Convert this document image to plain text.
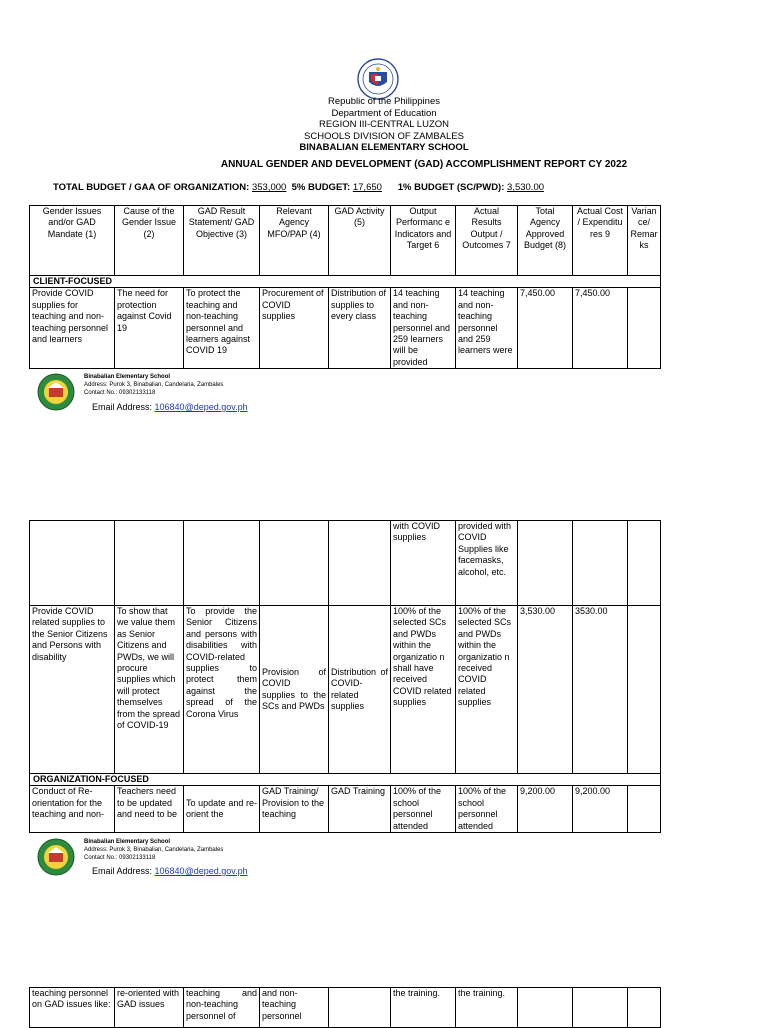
Republic of the Philippines
Department of Education
REGION III-CENTRAL LUZON
SCHOOLS DIVISION OF ZAMBALES
BINABALIAN ELEMENTARY SCHOOL
ANNUAL GENDER AND DEVELOPMENT (GAD) ACCOMPLISHMENT REPORT CY 2022
TOTAL BUDGET / GAA OF ORGANIZATION: 353,000 5% BUDGET: 17,650 1% BUDGET (SC/PWD): 3,530.00
Gender Issues and/or GAD Mandate (1)	Cause of the Gender Issue (2)	GAD Result Statement/ GAD Objective (3)	Relevant Agency MFO/PAP (4)	GAD Activity (5)	Output Performanc e Indicators and Target 6	Actual Results Output / Outcomes 7	Total Agency Approved Budget (8)	Actual Cost / Expenditu res 9	Variance/ Remarks
CLIENT-FOCUSED									
Provide COVID supplies for teaching and non-teaching personnel and learners	The need for protection against Covid 19	To protect the teaching and non-teaching personnel and learners against COVID 19	Procurement of COVID supplies	Distribution of supplies to every class	14 teaching and non-teaching personnel and 259 learners will be provided	14 teaching and non-teaching personnel and 259 learners were	7,450.00	7,450.00	
Binabalian Elementary School
Address: Purok 3, Binabalian, Candelaria, Zambales
Contact No.: 09302133118
Email Address: 106840@deped.gov.ph
					with COVID supplies	provided with COVID Supplies like facemasks, alcohol, etc.			
Provide COVID related supplies to the Senior Citizens and Persons with disability	To show that we value them as Senior Citizens and PWDs, we will procure supplies which will protect themselves from the spread of COVID-19	To provide the Senior Citizens and persons with disabilities with COVID-related supplies to protect them against the spread of the Corona Virus	Provision of COVID supplies to the SCs and PWDs	Distribution of COVID-related supplies	100% of the selected SCs and PWDs within the organizatio n shall have received COVID related supplies	100% of the selected SCs and PWDs within the organizatio n received COVID related supplies	3,530.00	3530.00	
ORGANIZATION-FOCUSED									
Conduct of Re-orientation for the teaching and non-	Teachers need to be updated and need to be	To update and re-orient the	GAD Training/ Provision to the teaching	GAD Training	100% of the school personnel attended	100% of the school personnel attended	9,200.00	9,200.00	
Binabalian Elementary School
Address: Purok 3, Binabalian, Candelaria, Zambales
Contact No.: 09302133118
Email Address: 106840@deped.gov.ph
teaching personnel on GAD issues like:	re-oriented with GAD issues	teaching and non-teaching personnel of	and non-teaching personnel		the training.	the training.			
